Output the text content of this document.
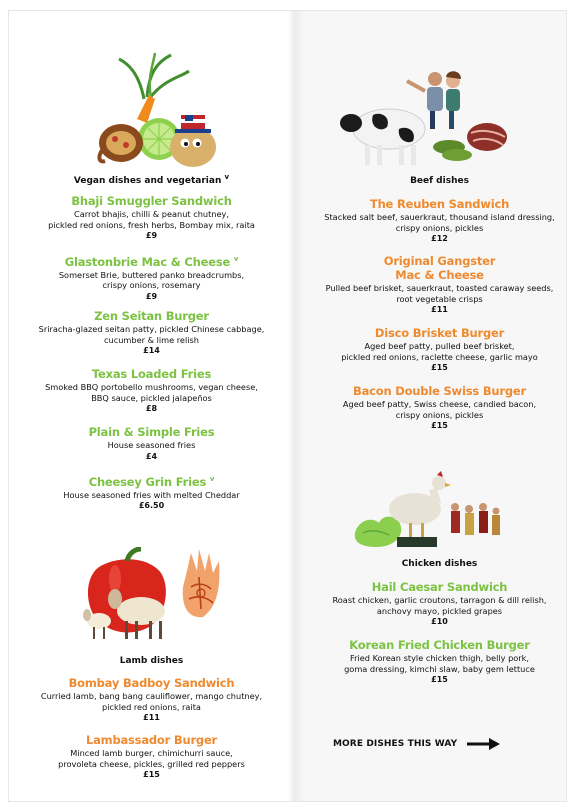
Vegan dishes and vegetarian $^v$
Bhaji Smuggler Sandwich
Carrot bhajis, chilli & peanut chutney,
pickled red onions, fresh herbs, Bombay mix, raita
£9
Glastonbrie Mac & Cheese $^v$
Somerset Brie, buttered panko breadcrumbs,
crispy onions, rosemary
£9
Zen Seitan Burger
Sriracha-glazed seitan patty, pickled Chinese cabbage,
cucumber & lime relish
£14
Texas Loaded Fries
Smoked BBQ portobello mushrooms, vegan cheese,
BBQ sauce, pickled jalapeños
£8
Plain & Simple Fries
House seasoned fries
£4
Cheesey Grin Fries $^v$
House seasoned fries with melted Cheddar
£6.50
Lamb dishes
Bombay Badboy Sandwich
Curried lamb, bang bang cauliflower, mango chutney,
pickled red onions, raita
£11
Lambassador Burger
Minced lamb burger, chimichurri sauce,
provoleta cheese, pickles, grilled red peppers
£15
Beef dishes
The Reuben Sandwich
Stacked salt beef, sauerkraut, thousand island dressing,
crispy onions, pickles
£12
Original Gangster
Mac & Cheese
Pulled beef brisket, sauerkraut, toasted caraway seeds,
root vegetable crisps
£11
Disco Brisket Burger
Aged beef patty, pulled beef brisket,
pickled red onions, raclette cheese, garlic mayo
£15
Bacon Double Swiss Burger
Aged beef patty, Swiss cheese, candied bacon,
crispy onions, pickles
£15
Chicken dishes
Hail Caesar Sandwich
Roast chicken, garlic croutons, tarragon & dill relish,
anchovy mayo, pickled grapes
£10
Korean Fried Chicken Burger
Fried Korean style chicken thigh, belly pork,
goma dressing, kimchi slaw, baby gem lettuce
£15
MORE DISHES THIS WAY
